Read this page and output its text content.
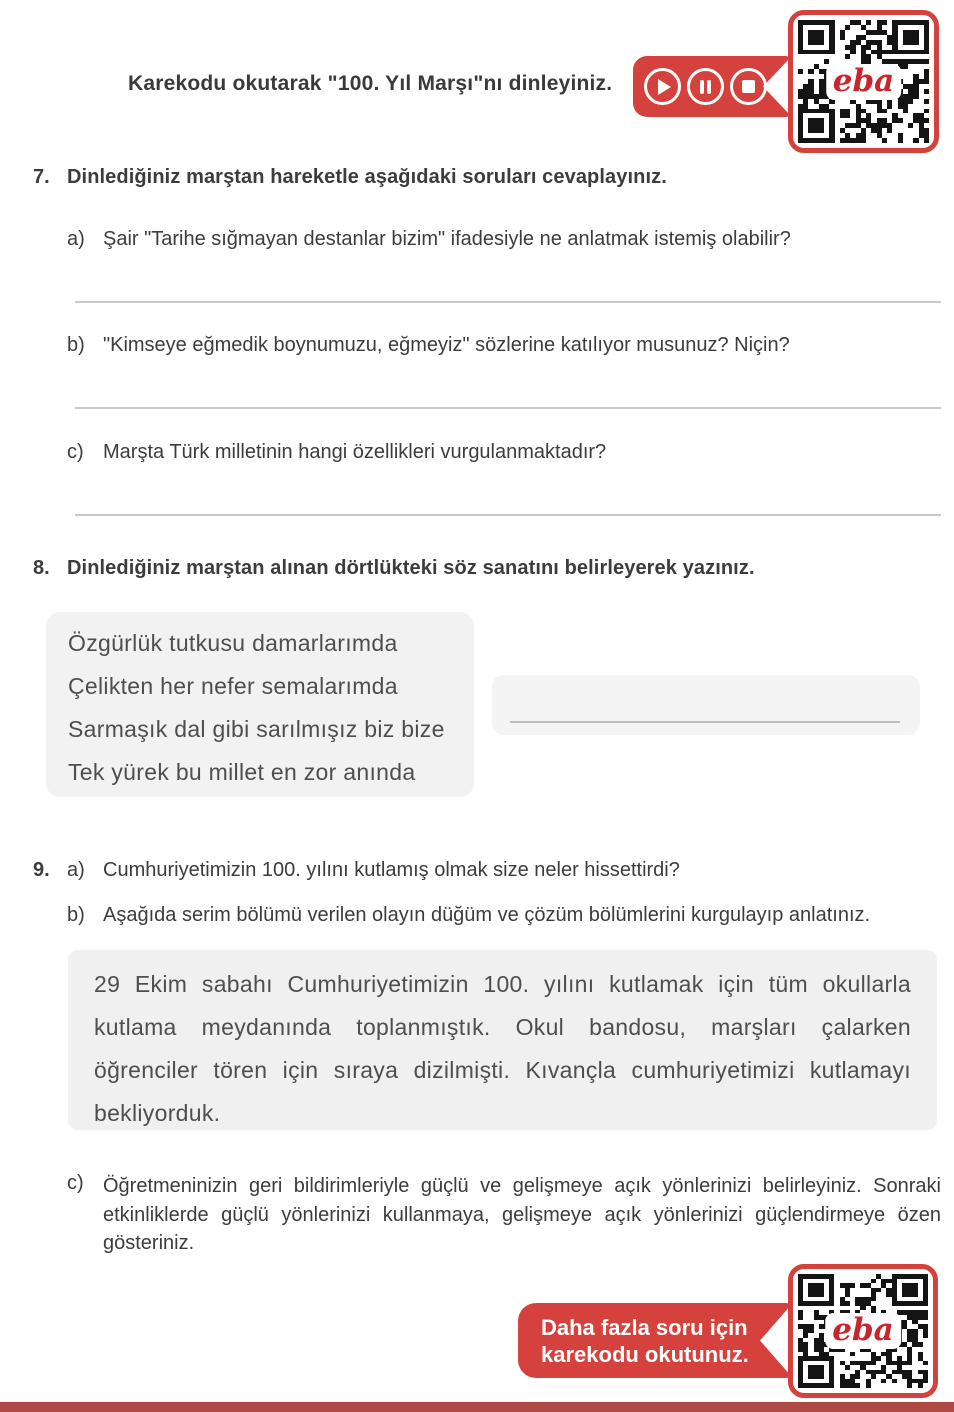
Karekodu okutarak "100. Yıl Marşı"nı dinleyiniz.	eba
7. Dinlediğiniz marştan hareketle aşağıdaki soruları cevaplayınız.
a) Şair "Tarihe sığmayan destanlar bizim" ifadesiyle ne anlatmak istemiş olabilir?
b) "Kimseye eğmedik boynumuzu, eğmeyiz" sözlerine katılıyor musunuz? Niçin?
c) Marşta Türk milletinin hangi özellikleri vurgulanmaktadır?
8. Dinlediğiniz marştan alınan dörtlükteki söz sanatını belirleyerek yazınız.
Özgürlük tutkusu damarlarımda
Çelikten her nefer semalarımda
Sarmaşık dal gibi sarılmışız biz bize
Tek yürek bu millet en zor anında
9. a) Cumhuriyetimizin 100. yılını kutlamış olmak size neler hissettirdi?
b) Aşağıda serim bölümü verilen olayın düğüm ve çözüm bölümlerini kurgulayıp anlatınız.
29 Ekim sabahı Cumhuriyetimizin 100. yılını kutlamak için tüm okullarla kutlama meydanında toplanmıştık. Okul bandosu, marşları çalarken öğrenciler tören için sıraya dizilmişti. Kıvançla cumhuriyetimizi kutlamayı bekliyorduk.
c) Öğretmeninizin geri bildirimleriyle güçlü ve gelişmeye açık yönlerinizi belirleyiniz. Sonraki etkinliklerde güçlü yönlerinizi kullanmaya, gelişmeye açık yönlerinizi güçlendirmeye özen gösteriniz.
Daha fazla soru için
karekodu okutunuz.
eba
